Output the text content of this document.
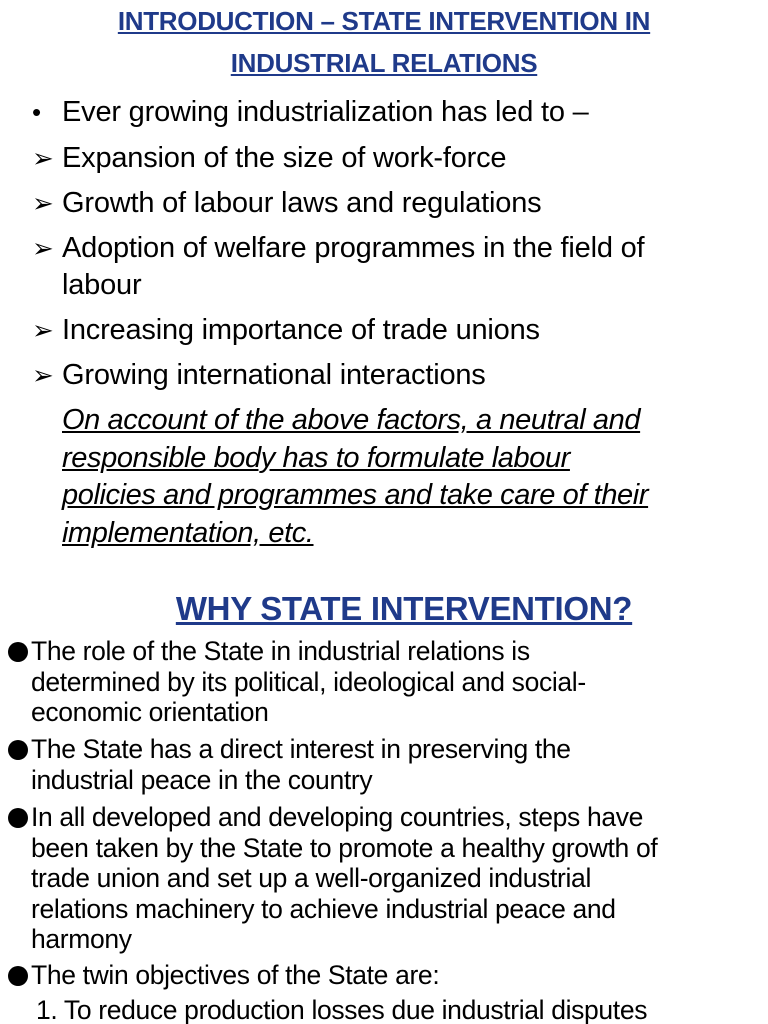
INTRODUCTION – STATE INTERVENTION IN
INDUSTRIAL RELATIONS
• Ever growing industrialization has led to –
➢ Expansion of the size of work-force
➢ Growth of labour laws and regulations
➢ Adoption of welfare programmes in the field of
labour
➢ Increasing importance of trade unions
➢ Growing international interactions
On account of the above factors, a neutral and
responsible body has to formulate labour
policies and programmes and take care of their
implementation, etc.
WHY STATE INTERVENTION?
The role of the State in industrial relations is
determined by its political, ideological and social-
economic orientation
The State has a direct interest in preserving the
industrial peace in the country
In all developed and developing countries, steps have
been taken by the State to promote a healthy growth of
trade union and set up a well-organized industrial
relations machinery to achieve industrial peace and
harmony
The twin objectives of the State are:
1. To reduce production losses due industrial disputes
